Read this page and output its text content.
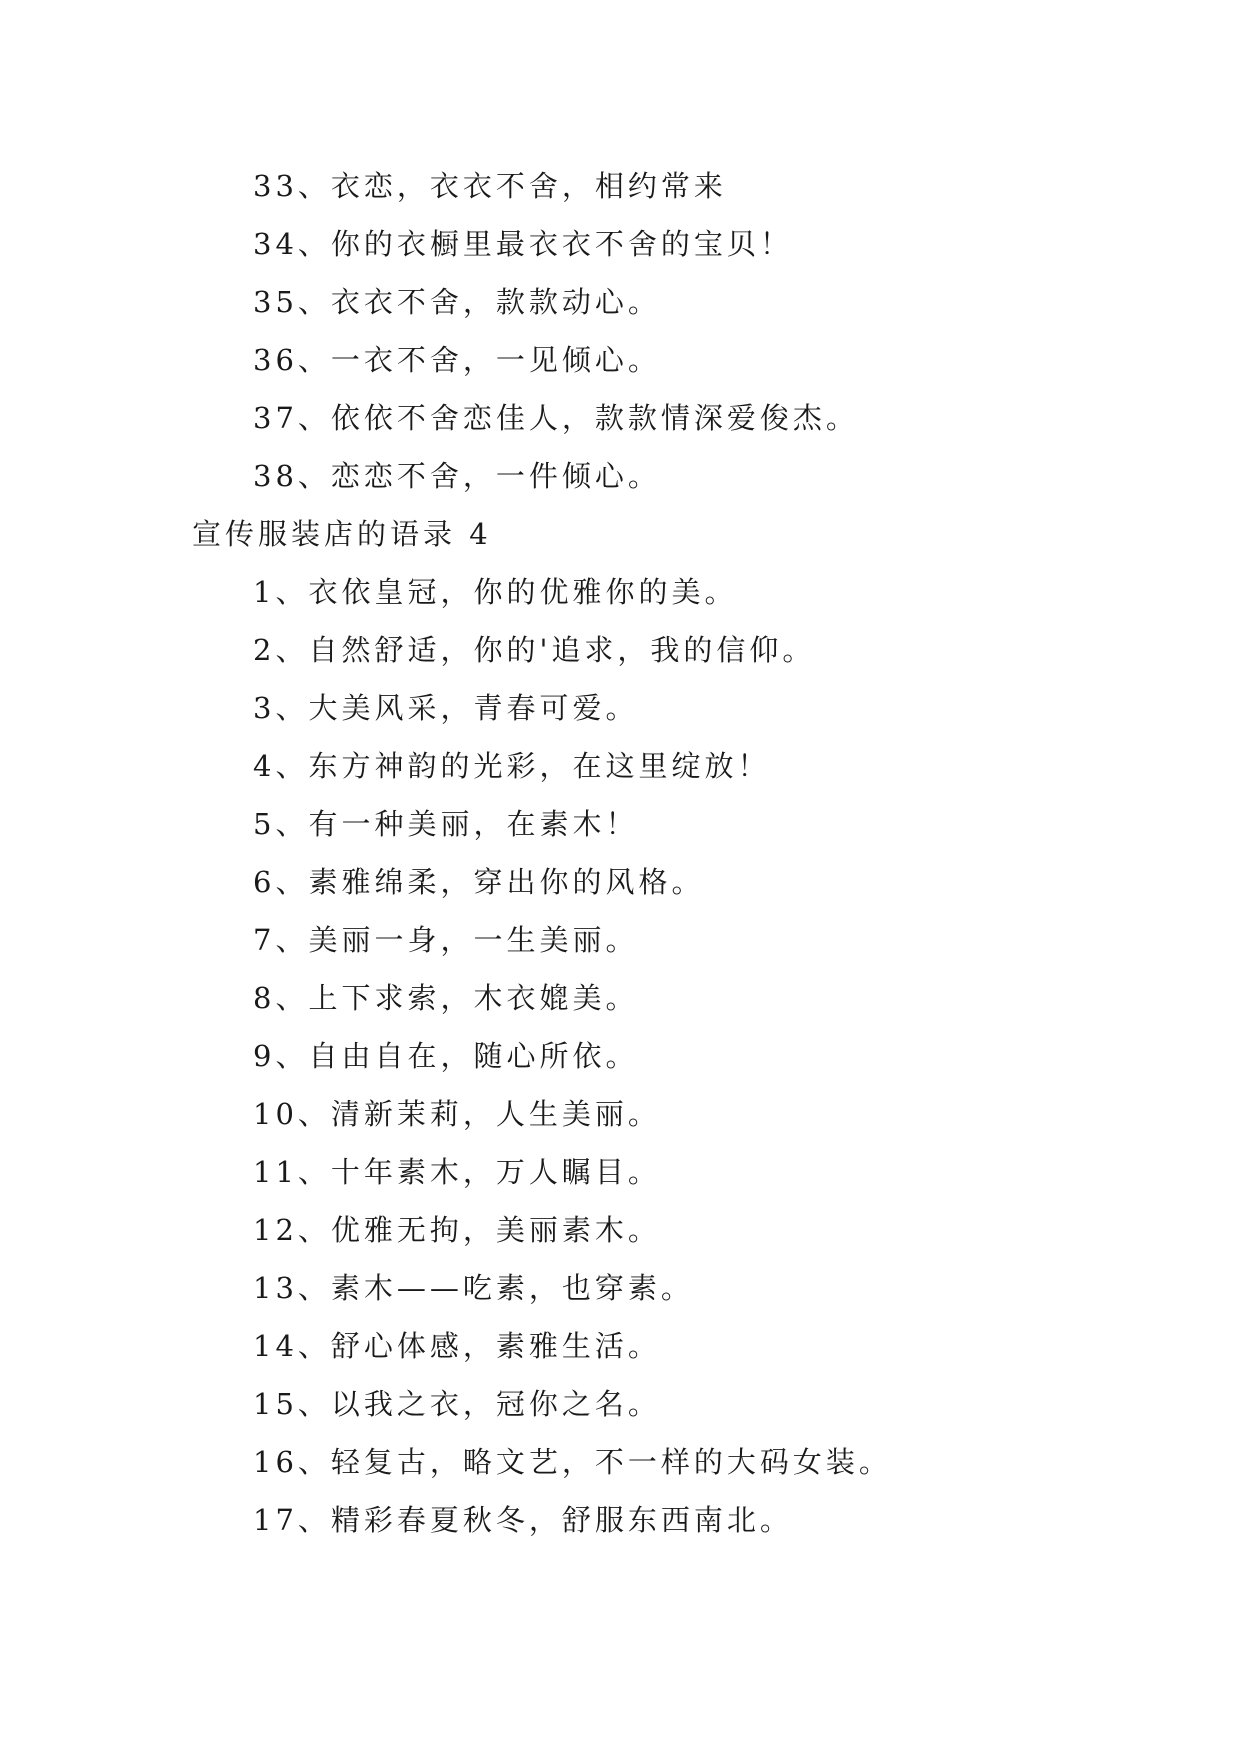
33、衣恋，衣衣不舍，相约常来
34、你的衣橱里最衣衣不舍的宝贝！
35、衣衣不舍，款款动心。
36、一衣不舍，一见倾心。
37、依依不舍恋佳人，款款情深爱俊杰。
38、恋恋不舍，一件倾心。
宣传服装店的语录 4
1、衣依皇冠，你的优雅你的美。
2、自然舒适，你的'追求，我的信仰。
3、大美风采，青春可爱。
4、东方神韵的光彩，在这里绽放！
5、有一种美丽，在素木！
6、素雅绵柔，穿出你的风格。
7、美丽一身，一生美丽。
8、上下求索，木衣媲美。
9、自由自在，随心所依。
10、清新茉莉，人生美丽。
11、十年素木，万人瞩目。
12、优雅无拘，美丽素木。
13、素木——吃素，也穿素。
14、舒心体感，素雅生活。
15、以我之衣，冠你之名。
16、轻复古，略文艺，不一样的大码女装。
17、精彩春夏秋冬，舒服东西南北。
